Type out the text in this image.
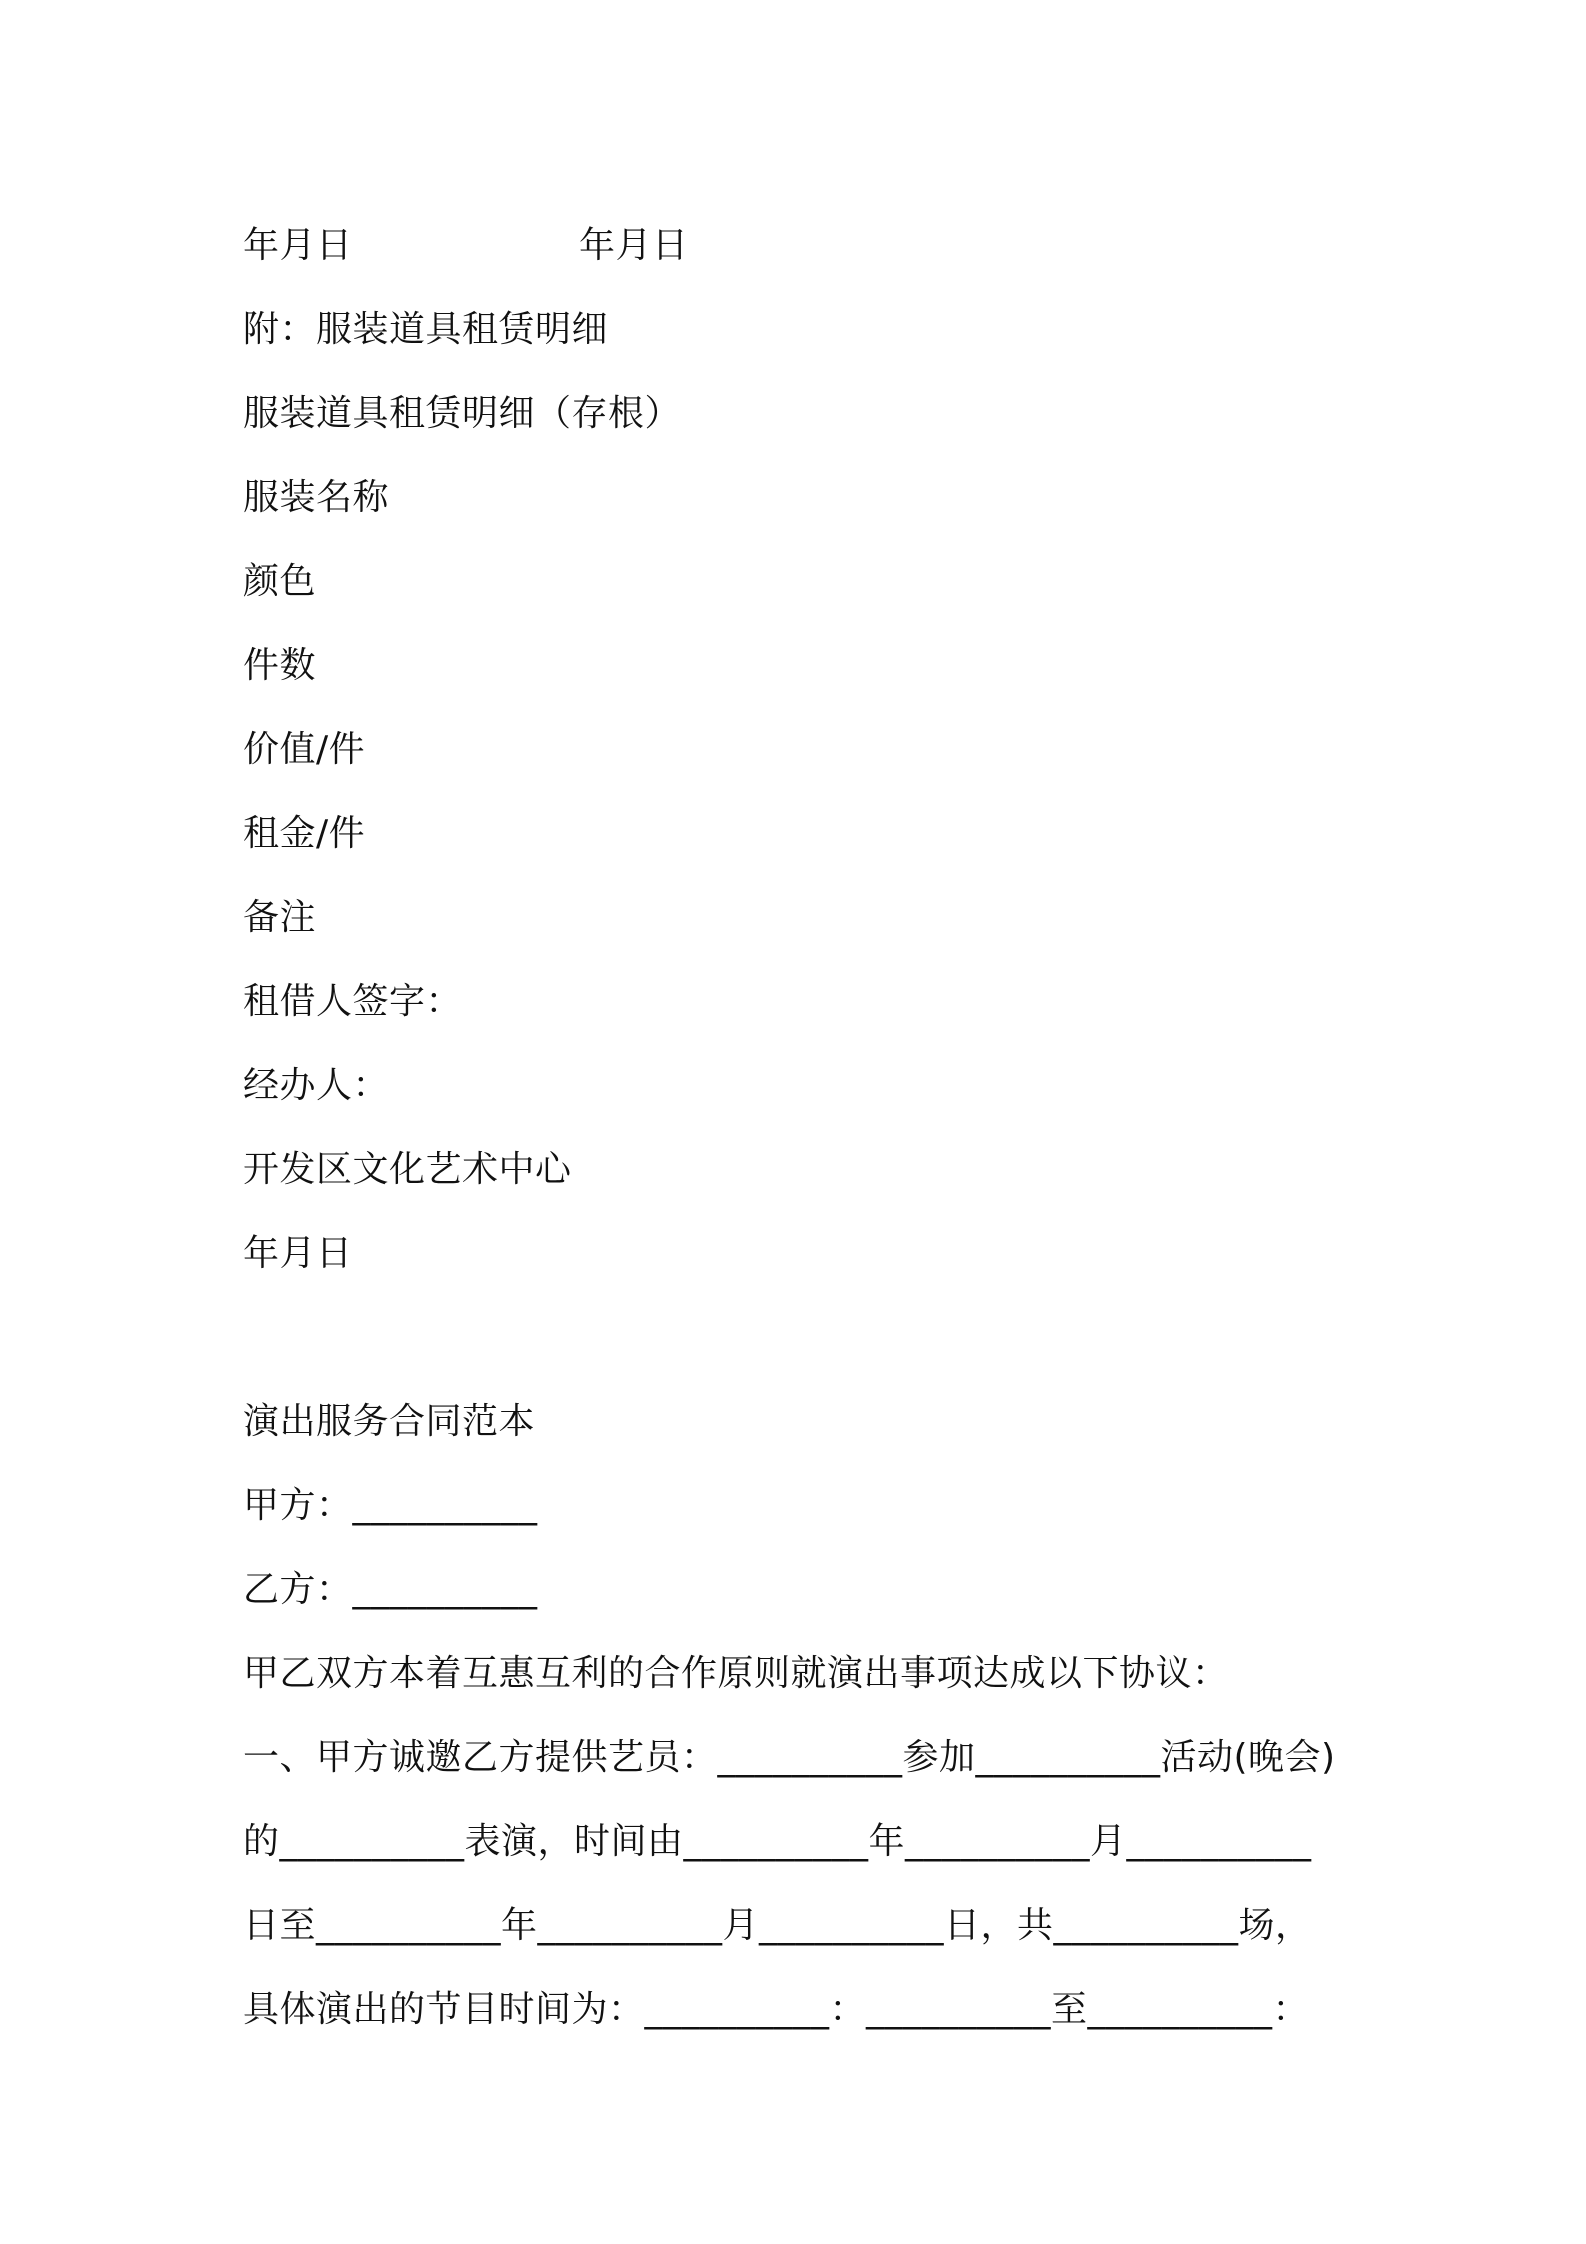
年月日	年月日
附：服装道具租赁明细
服装道具租赁明细（存根）
服装名称
颜色
件数
价值/件
租金/件
备注
租借人签字：
经办人：
开发区文化艺术中心
年月日
演出服务合同范本
甲方：__________
乙方：__________
甲乙双方本着互惠互利的合作原则就演出事项达成以下协议：
一、甲方诚邀乙方提供艺员：__________参加__________活动(晚会)
的__________表演，时间由__________年__________月__________
日至__________年__________月__________日，共__________场，
具体演出的节目时间为：__________：__________至__________：
